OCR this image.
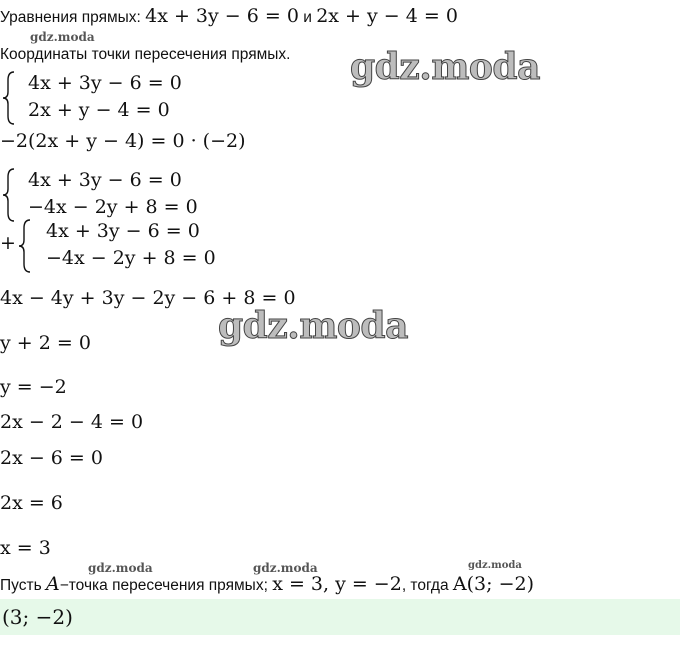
Уравнения прямых: 4x + 3y − 6 = 0 и 2x + y − 4 = 0
gdz.moda
Координаты точки пересечения прямых. gdz.moda
4x + 3y − 6 = 0
2x + y − 4 = 0
−2(2x + y − 4) = 0 · (−2)
4x + 3y − 6 = 0
−4x − 2y + 8 = 0
+
4x + 3y − 6 = 0
−4x − 2y + 8 = 0
4x − 4y + 3y − 2y − 6 + 8 = 0
gdz.moda
y + 2 = 0
y = −2
2x − 2 − 4 = 0
2x − 6 = 0
2x = 6
x = 3
gdz.moda	gdz.moda	gdz.moda
Пусть A−точка пересечения прямых; x = 3, y = −2, тогда A(3; −2)
(3; −2)
